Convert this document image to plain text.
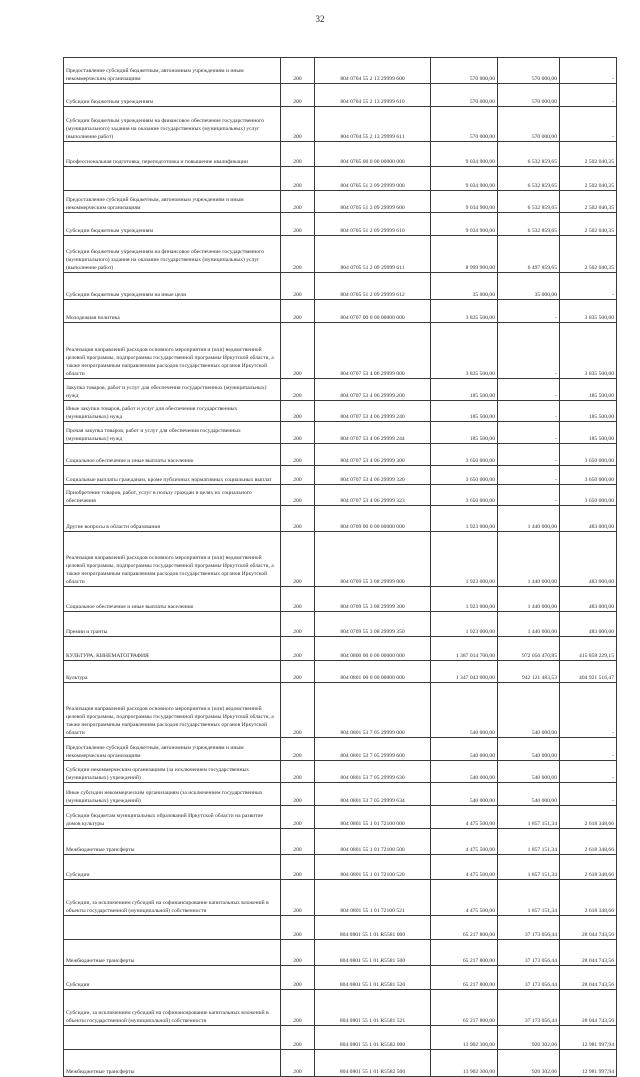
32
Предоставление субсидий бюджетным, автономным учреждениям и иным некоммерческим организациям	200	804 0704 55 2 13 29999 600	570 000,00	570 000,00	-
Субсидии бюджетным учреждениям	200	804 0704 55 2 13 29999 610	570 000,00	570 000,00	-
Субсидии бюджетным учреждениям на финансовое обеспечение государственного (муниципального) задания на оказание государственных (муниципальных) услуг (выполнение работ)	200	804 0704 55 2 13 29999 611	570 000,00	570 000,00	-
Профессиональная подготовка, переподготовка и повышение квалификации	200	804 0705 00 0 00 00000 000	9 034 900,00	6 532 859,65	2 502 040,35
	200	804 0705 51 2 09 29999 000	9 034 900,00	6 532 859,65	2 502 040,35
Предоставление субсидий бюджетным, автономным учреждениям и иным некоммерческим организациям	200	804 0705 51 2 09 29999 600	9 034 900,00	6 532 859,65	2 502 040,35
Субсидии бюджетным учреждениям	200	804 0705 51 2 09 29999 610	9 034 900,00	6 532 859,65	2 502 040,35
Субсидии бюджетным учреждениям на финансовое обеспечение государственного (муниципального) задания на оказание государственных (муниципальных) услуг (выполнение работ)	200	804 0705 51 2 09 29999 611	8 999 900,00	6 497 859,65	2 502 040,35
Субсидии бюджетным учреждениям на иные цели	200	804 0705 51 2 09 29999 612	35 000,00	35 000,00	-
Молодежная политика	200	804 0707 00 0 00 00000 000	3 835 500,00	-	3 835 500,00
Реализация направлений расходов основного мероприятия и (или) ведомственной целевой программы, подпрограммы государственной программы Иркутской области, а также непрограммным направлениям расходов государственных органов Иркутской области	200	804 0707 53 4 06 29999 000	3 835 500,00	-	3 835 500,00
Закупка товаров, работ и услуг для обеспечения государственных (муниципальных) нужд	200	804 0707 53 4 06 29999 200	185 500,00	-	185 500,00
Иные закупки товаров, работ и услуг для обеспечения государственных (муниципальных) нужд	200	804 0707 53 4 06 29999 240	185 500,00	-	185 500,00
Прочая закупка товаров, работ и услуг для обеспечения государственных (муниципальных) нужд	200	804 0707 53 4 06 29999 244	185 500,00	-	185 500,00
Социальное обеспечение и иные выплаты населению	200	804 0707 53 4 06 29999 300	3 650 000,00	-	3 650 000,00
Социальные выплаты гражданам, кроме публичных нормативных социальных выплат	200	804 0707 53 4 06 29999 320	3 650 000,00	-	3 650 000,00
Приобретение товаров, работ, услуг в пользу граждан в целях их социального обеспечения	200	804 0707 53 4 06 29999 323	3 650 000,00	-	3 650 000,00
Другие вопросы в области образования	200	804 0709 00 0 00 00000 000	1 923 000,00	1 440 000,00	483 000,00
Реализация направлений расходов основного мероприятия и (или) ведомственной целевой программы, подпрограммы государственной программы Иркутской области, а также непрограммным направлениям расходов государственных органов Иркутской области	200	804 0709 55 3 08 29999 000	1 923 000,00	1 440 000,00	483 000,00
Социальное обеспечение и иные выплаты населению	200	804 0709 55 3 08 29999 300	1 923 000,00	1 440 000,00	483 000,00
Премии и гранты	200	804 0709 55 3 08 29999 350	1 923 000,00	1 440 000,00	483 000,00
КУЛЬТУРА, КИНЕМАТОГРАФИЯ	200	804 0800 00 0 00 00000 000	1 387 014 700,00	972 056 470,85	415 858 229,15
Культура	200	804 0801 00 0 00 00000 000	1 347 043 000,00	942 121 483,53	404 921 516,47
Реализация направлений расходов основного мероприятия и (или) ведомственной целевой программы, подпрограммы государственной программы Иркутской области, а также непрограммным направлениям расходов государственных органов Иркутской области	200	804 0801 53 7 05 29999 000	540 000,00	540 000,00	-
Предоставление субсидий бюджетным, автономным учреждениям и иным некоммерческим организациям	200	804 0801 53 7 05 29999 600	540 000,00	540 000,00	-
Субсидии некоммерческим организациям (за исключением государственных (муниципальных) учреждений)	200	804 0801 53 7 05 29999 630	540 000,00	540 000,00	-
Иные субсидии некоммерческим организациям (за исключением государственных (муниципальных) учреждений)	200	804 0801 53 7 05 29999 634	540 000,00	540 000,00	-
Субсидии бюджетам муниципальных образований Иркутской области на развитие домов культуры	200	804 0801 55 1 01 72100 000	4 475 500,00	1 857 151,34	2 618 348,66
Межбюджетные трансферты	200	804 0801 55 1 01 72100 500	4 475 500,00	1 857 151,34	2 618 348,66
Субсидии	200	804 0801 55 1 01 72100 520	4 475 500,00	1 857 151,34	2 618 348,66
Субсидии, за исключением субсидий на софинансирование капитальных вложений в объекты государственной (муниципальной) собственности	200	804 0801 55 1 01 72100 521	4 475 500,00	1 857 151,34	2 618 348,66
	200	804 0801 55 1 01 R5581 000	65 217 800,00	37 173 056,44	28 044 743,56
Межбюджетные трансферты	200	804 0801 55 1 01 R5581 500	65 217 800,00	37 173 056,44	28 044 743,56
Субсидии	200	804 0801 55 1 01 R5581 520	65 217 800,00	37 173 056,44	28 044 743,56
Субсидии, за исключением субсидий на софинансирование капитальных вложений в объекты государственной (муниципальной) собственности	200	804 0801 55 1 01 R5581 521	65 217 800,00	37 173 056,44	28 044 743,56
	200	804 0801 55 1 01 R5582 000	13 902 300,00	920 302,06	12 981 997,94
Межбюджетные трансферты	200	804 0801 55 1 01 R5582 500	13 902 300,00	920 302,06	12 981 997,94
